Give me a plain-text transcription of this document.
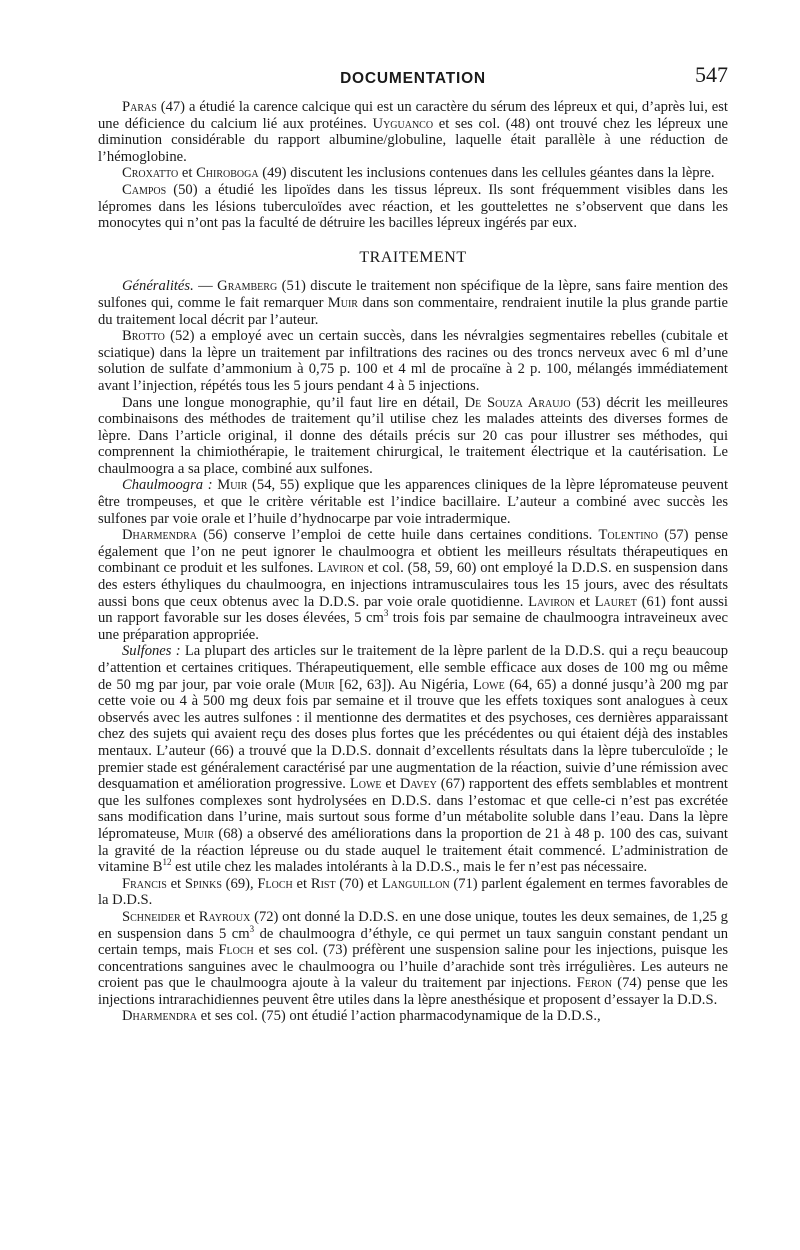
DOCUMENTATION	547

Paras (47) a étudié la carence calcique qui est un caractère du sérum des lépreux et qui, d’après lui, est une déficience du calcium lié aux protéines. Uyguanco et ses col. (48) ont trouvé chez les lépreux une diminution considérable du rapport albumine/globuline, laquelle était parallèle à une réduction de l’hémoglobine.

Croxatto et Chiroboga (49) discutent les inclusions contenues dans les cellules géantes dans la lèpre.

Campos (50) a étudié les lipoïdes dans les tissus lépreux. Ils sont fréquemment visibles dans les lépromes dans les lésions tuberculoïdes avec réaction, et les gouttelettes ne s’observent que dans les monocytes qui n’ont pas la faculté de détruire les bacilles lépreux ingérés par eux.

TRAITEMENT

Généralités. — Gramberg (51) discute le traitement non spécifique de la lèpre, sans faire mention des sulfones qui, comme le fait remarquer Muir dans son commentaire, rendraient inutile la plus grande partie du traitement local décrit par l’auteur.

Brotto (52) a employé avec un certain succès, dans les névralgies segmentaires rebelles (cubitale et sciatique) dans la lèpre un traitement par infiltrations des racines ou des troncs nerveux avec 6 ml d’une solution de sulfate d’ammonium à 0,75 p. 100 et 4 ml de procaïne à 2 p. 100, mélangés immédiatement avant l’injection, répétés tous les 5 jours pendant 4 à 5 injections.

Dans une longue monographie, qu’il faut lire en détail, De Souza Araujo (53) décrit les meilleures combinaisons des méthodes de traitement qu’il utilise chez les malades atteints des diverses formes de lèpre. Dans l’article original, il donne des détails précis sur 20 cas pour illustrer ses méthodes, qui comprennent la chimiothérapie, le traitement chirurgical, le traitement électrique et la cautérisation. Le chaulmoogra a sa place, combiné aux sulfones.

Chaulmoogra : Muir (54, 55) explique que les apparences cliniques de la lèpre lépromateuse peuvent être trompeuses, et que le critère véritable est l’indice bacillaire. L’auteur a combiné avec succès les sulfones par voie orale et l’huile d’hydnocarpe par voie intradermique.

Dharmendra (56) conserve l’emploi de cette huile dans certaines conditions. Tolentino (57) pense également que l’on ne peut ignorer le chaulmoogra et obtient les meilleurs résultats thérapeutiques en combinant ce produit et les sulfones. Laviron et col. (58, 59, 60) ont employé la D.D.S. en suspension dans des esters éthyliques du chaulmoogra, en injections intramusculaires tous les 15 jours, avec des résultats aussi bons que ceux obtenus avec la D.D.S. par voie orale quotidienne. Laviron et Lauret (61) font aussi un rapport favorable sur les doses élevées, 5 $cm^3$ trois fois par semaine de chaulmoogra intraveineux avec une préparation appropriée.

Sulfones : La plupart des articles sur le traitement de la lèpre parlent de la D.D.S. qui a reçu beaucoup d’attention et certaines critiques. Thérapeutiquement, elle semble efficace aux doses de 100 mg ou même de 50 mg par jour, par voie orale (Muir [62, 63]). Au Nigéria, Lowe (64, 65) a donné jusqu’à 200 mg par cette voie ou 4 à 500 mg deux fois par semaine et il trouve que les effets toxiques sont analogues à ceux observés avec les autres sulfones : il mentionne des dermatites et des psychoses, ces dernières apparaissant chez des sujets qui avaient reçu des doses plus fortes que les précédentes ou qui étaient déjà des instables mentaux. L’auteur (66) a trouvé que la D.D.S. donnait d’excellents résultats dans la lèpre tuberculoïde ; le premier stade est généralement caractérisé par une augmentation de la réaction, suivie d’une rémission avec desquamation et amélioration progressive. Lowe et Davey (67) rapportent des effets semblables et montrent que les sulfones complexes sont hydrolysées en D.D.S. dans l’estomac et que celle-ci n’est pas excrétée sans modification dans l’urine, mais surtout sous forme d’un métabolite soluble dans l’eau. Dans la lèpre lépromateuse, Muir (68) a observé des améliorations dans la proportion de 21 à 48 p. 100 des cas, suivant la gravité de la réaction lépreuse ou du stade auquel le traitement était commencé. L’administration de vitamine $B^{12}$ est utile chez les malades intolérants à la D.D.S., mais le fer n’est pas nécessaire.

Francis et Spinks (69), Floch et Rist (70) et Languillon (71) parlent également en termes favorables de la D.D.S.

Schneider et Rayroux (72) ont donné la D.D.S. en une dose unique, toutes les deux semaines, de 1,25 g en suspension dans 5 $cm^3$ de chaulmoogra d’éthyle, ce qui permet un taux sanguin constant pendant un certain temps, mais Floch et ses col. (73) préfèrent une suspension saline pour les injections, puisque les concentrations sanguines avec le chaulmoogra ou l’huile d’arachide sont très irrégulières. Les auteurs ne croient pas que le chaulmoogra ajoute à la valeur du traitement par injections. Feron (74) pense que les injections intrarachidiennes peuvent être utiles dans la lèpre anesthésique et proposent d’essayer la D.D.S.

Dharmendra et ses col. (75) ont étudié l’action pharmacodynamique de la D.D.S.,
